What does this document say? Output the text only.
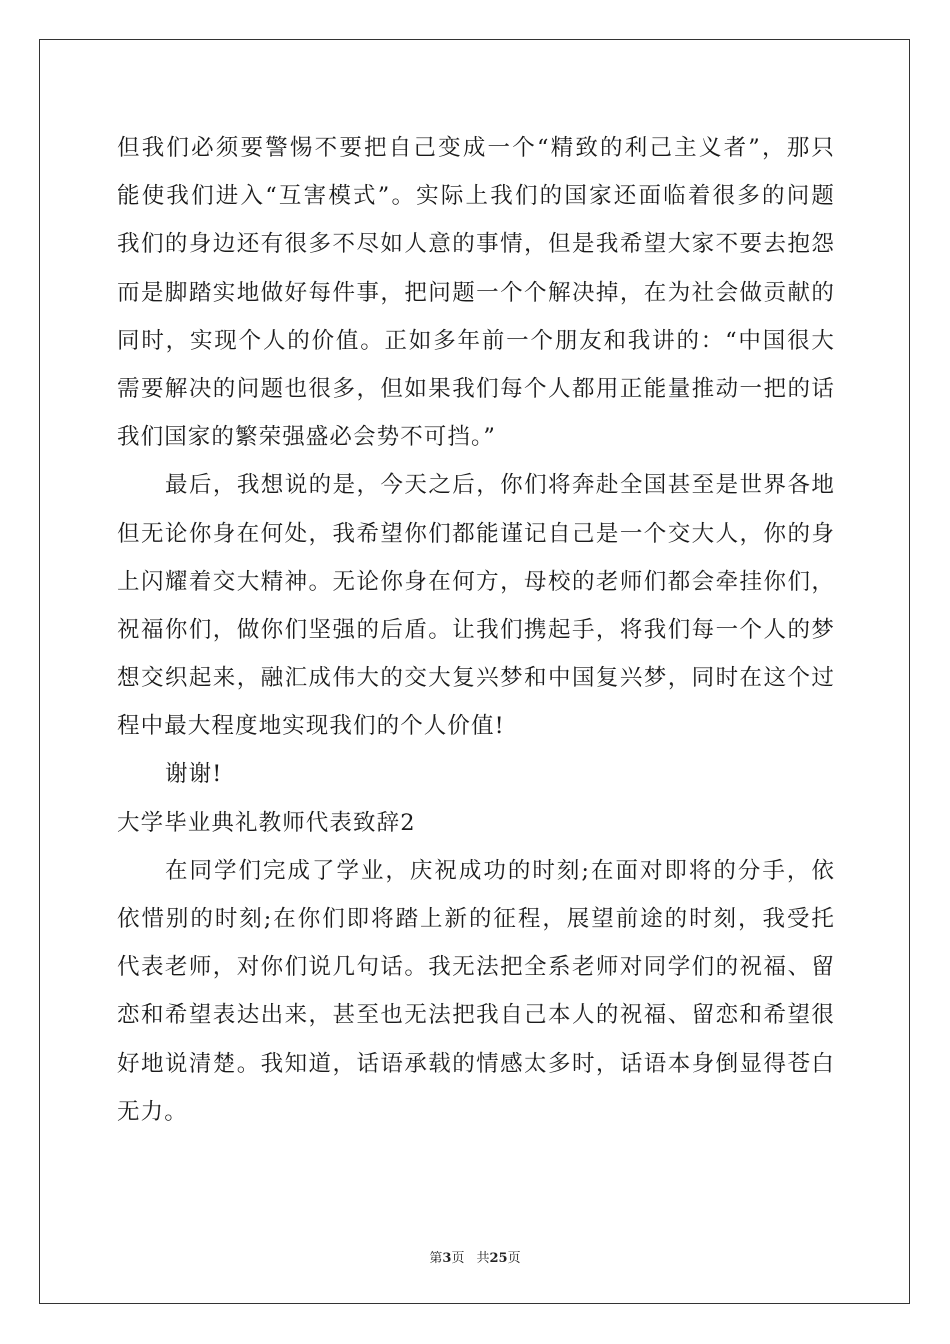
但我们必须要警惕不要把自己变成一个“精致的利己主义者”，那只
能使我们进入“互害模式”。实际上我们的国家还面临着很多的问题
我们的身边还有很多不尽如人意的事情，但是我希望大家不要去抱怨
而是脚踏实地做好每件事，把问题一个个解决掉，在为社会做贡献的
同时，实现个人的价值。正如多年前一个朋友和我讲的：“中国很大
需要解决的问题也很多，但如果我们每个人都用正能量推动一把的话
我们国家的繁荣强盛必会势不可挡。”
最后，我想说的是，今天之后，你们将奔赴全国甚至是世界各地
但无论你身在何处，我希望你们都能谨记自己是一个交大人，你的身
上闪耀着交大精神。无论你身在何方，母校的老师们都会牵挂你们，
祝福你们，做你们坚强的后盾。让我们携起手，将我们每一个人的梦
想交织起来，融汇成伟大的交大复兴梦和中国复兴梦，同时在这个过
程中最大程度地实现我们的个人价值!
谢谢!
大学毕业典礼教师代表致辞2
在同学们完成了学业，庆祝成功的时刻;在面对即将的分手，依
依惜别的时刻;在你们即将踏上新的征程，展望前途的时刻，我受托
代表老师，对你们说几句话。我无法把全系老师对同学们的祝福、留
恋和希望表达出来，甚至也无法把我自己本人的祝福、留恋和希望很
好地说清楚。我知道，话语承载的情感太多时，话语本身倒显得苍白
无力。
第3页 共25页
